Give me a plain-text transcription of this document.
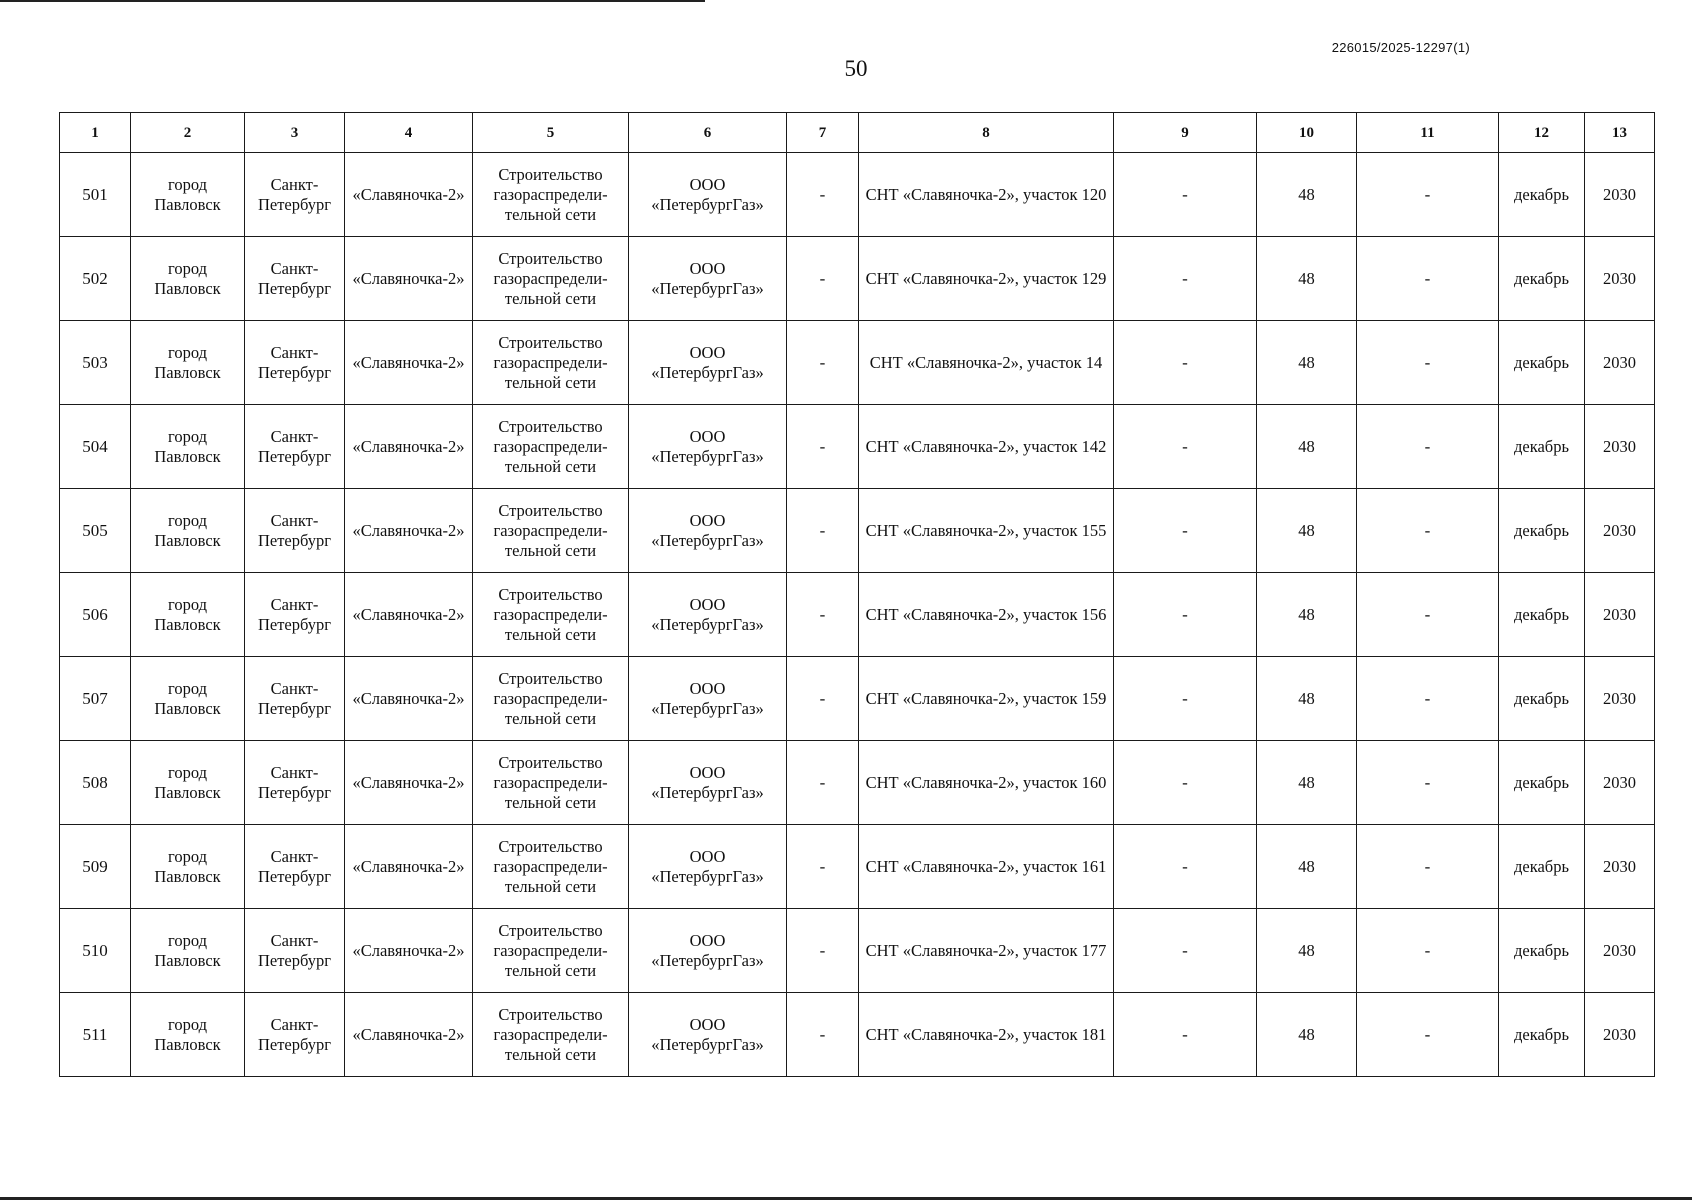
226015/2025-12297(1)
50
1	2	3	4	5	6	7	8	9	10	11	12	13
501	город Павловск	Санкт-Петербург	«Славяночка-2»	Строительство газораспредели-тельной сети	ООО «ПетербургГаз»	-	СНТ «Славяночка-2», участок 120	-	48	-	декабрь	2030
502	город Павловск	Санкт-Петербург	«Славяночка-2»	Строительство газораспредели-тельной сети	ООО «ПетербургГаз»	-	СНТ «Славяночка-2», участок 129	-	48	-	декабрь	2030
503	город Павловск	Санкт-Петербург	«Славяночка-2»	Строительство газораспредели-тельной сети	ООО «ПетербургГаз»	-	СНТ «Славяночка-2», участок 14	-	48	-	декабрь	2030
504	город Павловск	Санкт-Петербург	«Славяночка-2»	Строительство газораспредели-тельной сети	ООО «ПетербургГаз»	-	СНТ «Славяночка-2», участок 142	-	48	-	декабрь	2030
505	город Павловск	Санкт-Петербург	«Славяночка-2»	Строительство газораспредели-тельной сети	ООО «ПетербургГаз»	-	СНТ «Славяночка-2», участок 155	-	48	-	декабрь	2030
506	город Павловск	Санкт-Петербург	«Славяночка-2»	Строительство газораспредели-тельной сети	ООО «ПетербургГаз»	-	СНТ «Славяночка-2», участок 156	-	48	-	декабрь	2030
507	город Павловск	Санкт-Петербург	«Славяночка-2»	Строительство газораспредели-тельной сети	ООО «ПетербургГаз»	-	СНТ «Славяночка-2», участок 159	-	48	-	декабрь	2030
508	город Павловск	Санкт-Петербург	«Славяночка-2»	Строительство газораспредели-тельной сети	ООО «ПетербургГаз»	-	СНТ «Славяночка-2», участок 160	-	48	-	декабрь	2030
509	город Павловск	Санкт-Петербург	«Славяночка-2»	Строительство газораспредели-тельной сети	ООО «ПетербургГаз»	-	СНТ «Славяночка-2», участок 161	-	48	-	декабрь	2030
510	город Павловск	Санкт-Петербург	«Славяночка-2»	Строительство газораспредели-тельной сети	ООО «ПетербургГаз»	-	СНТ «Славяночка-2», участок 177	-	48	-	декабрь	2030
511	город Павловск	Санкт-Петербург	«Славяночка-2»	Строительство газораспредели-тельной сети	ООО «ПетербургГаз»	-	СНТ «Славяночка-2», участок 181	-	48	-	декабрь	2030
